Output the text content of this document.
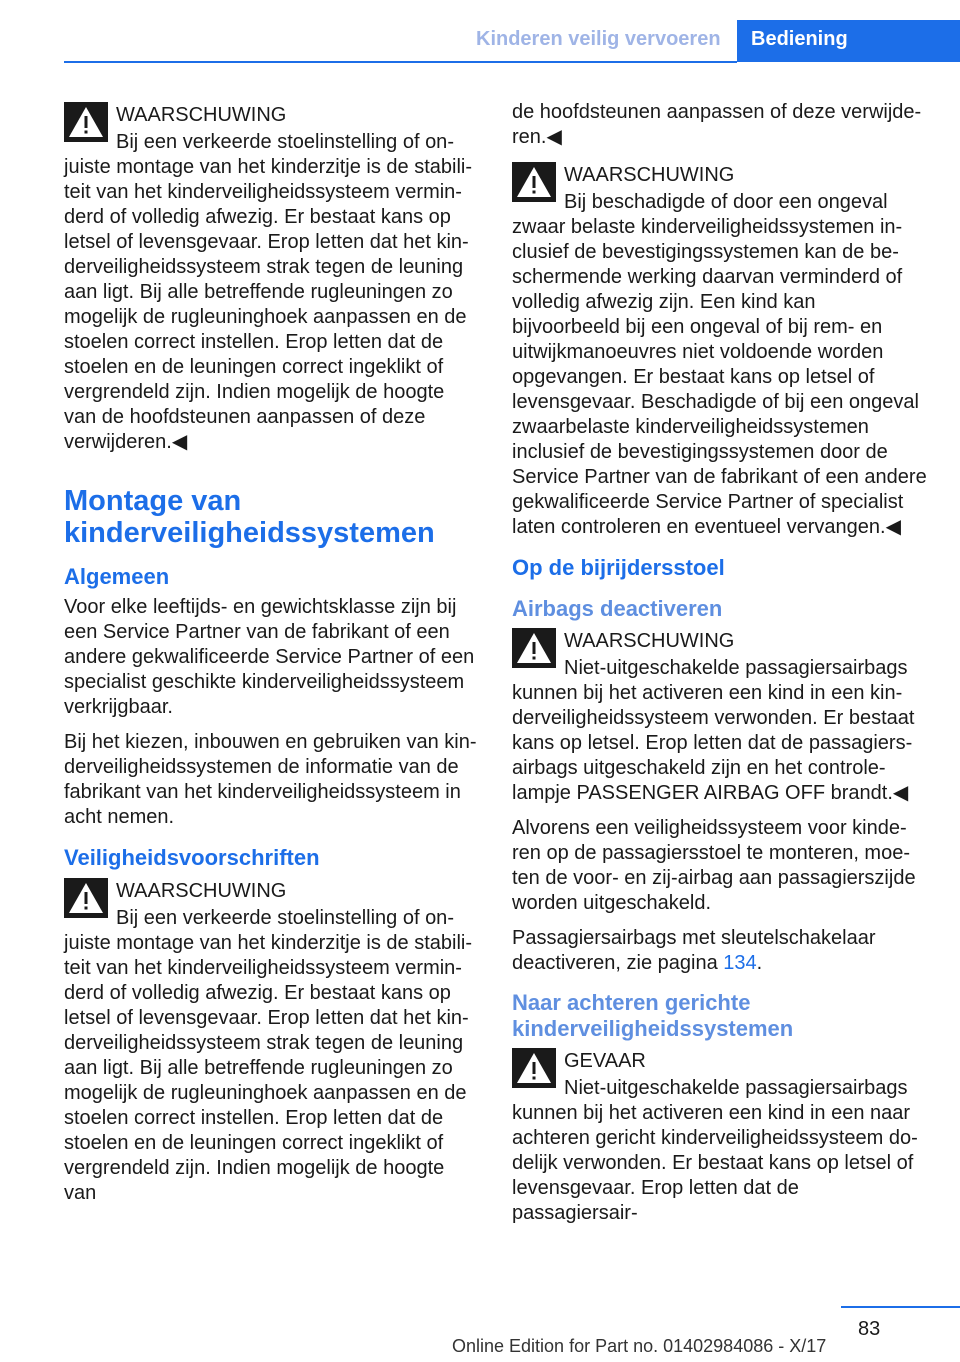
Kinderen veilig vervoeren Bediening
WAARSCHUWING

Bij een verkeerde stoelinstelling of onjuiste montage van het kinderzitje is de stabiliteit van het kinderveiligheidssysteem verminderd of volledig afwezig. Er bestaat kans op letsel of levensgevaar. Erop letten dat het kinderveiligheidssysteem strak tegen de leuning aan ligt. Bij alle betreffende rugleuningen zo mogelijk de rugleuninghoek aanpassen en de stoelen correct instellen. Erop letten dat de stoelen en de leuningen correct ingeklikt of vergrendeld zijn. Indien mogelijk de hoogte van de hoofdsteunen aanpassen of deze verwijderen.◀

Montage van kinderveiligheidssystemen
Algemeen

Voor elke leeftijds- en gewichtsklasse zijn bij een Service Partner van de fabrikant of een andere gekwalificeerde Service Partner of een specialist geschikte kinderveiligheidssysteem verkrijgbaar.

Bij het kiezen, inbouwen en gebruiken van kinderveiligheidssystemen de informatie van de fabrikant van het kinderveiligheidssysteem in acht nemen.

Veiligheidsvoorschriften
WAARSCHUWING

Bij een verkeerde stoelinstelling of onjuiste montage van het kinderzitje is de stabiliteit van het kinderveiligheidssysteem verminderd of volledig afwezig. Er bestaat kans op letsel of levensgevaar. Erop letten dat het kinderveiligheidssysteem strak tegen de leuning aan ligt. Bij alle betreffende rugleuningen zo mogelijk de rugleuninghoek aanpassen en de stoelen correct instellen. Erop letten dat de stoelen en de leuningen correct ingeklikt of vergrendeld zijn. Indien mogelijk de hoogte van

de hoofdsteunen aanpassen of deze verwijderen.◀

WAARSCHUWING

Bij beschadigde of door een ongeval zwaar belaste kinderveiligheidssystemen inclusief de bevestigingssystemen kan de beschermende werking daarvan verminderd of volledig afwezig zijn. Een kind kan bijvoorbeeld bij een ongeval of bij rem- en uitwijkmanoeuvres niet voldoende worden opgevangen. Er bestaat kans op letsel of levensgevaar. Beschadigde of bij een ongeval zwaarbelaste kinderveiligheidssystemen inclusief de bevestigingssystemen door de Service Partner van de fabrikant of een andere gekwalificeerde Service Partner of specialist laten controleren en eventueel vervangen.◀

Op de bijrijdersstoel
Airbags deactiveren
WAARSCHUWING

Niet-uitgeschakelde passagiersairbags kunnen bij het activeren een kind in een kinderveiligheidssysteem verwonden. Er bestaat kans op letsel. Erop letten dat de passagiersairbags uitgeschakeld zijn en het controlelampje PASSENGER AIRBAG OFF brandt.◀

Alvorens een veiligheidssysteem voor kinderen op de passagiersstoel te monteren, moeten de voor- en zij-airbag aan passagierszijde worden uitgeschakeld.

Passagiersairbags met sleutelschakelaar deactiveren, zie pagina 134.

Naar achteren gerichte kinderveiligheidssystemen
GEVAAR

Niet-uitgeschakelde passagiersairbags kunnen bij het activeren een kind in een naar achteren gericht kinderveiligheidssysteem dodelijk verwonden. Er bestaat kans op letsel of levensgevaar. Erop letten dat de passagiersair-

83
Online Edition for Part no. 01402984086 - X/17
